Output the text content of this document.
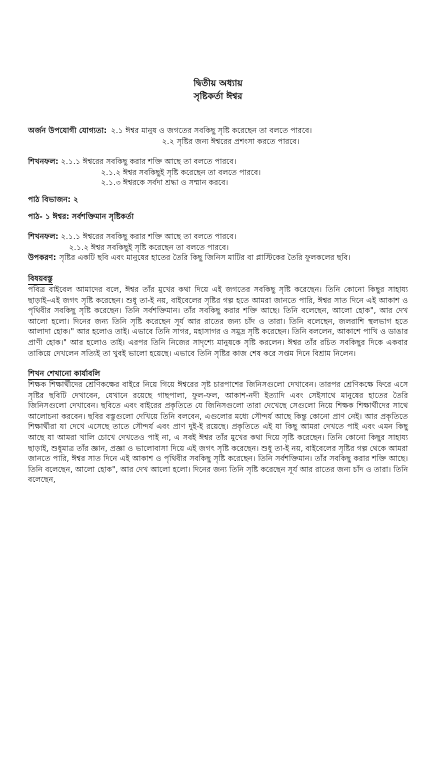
দ্বিতীয় অধ্যায়
সৃষ্টিকর্তা ঈশ্বর
অর্জন উপযোগী যোগ্যতা: ২.১ ঈশ্বর মানুষ ও জগতের সবকিছু সৃষ্টি করেছেন তা বলতে পারবে।
২.২ সৃষ্টির জন্য ঈশ্বরের প্রশংসা করতে পারবে।
শিখনফল: ২.১.১ ঈশ্বরের সবকিছু করার শক্তি আছে তা বলতে পারবে।
২.১.২ ঈশ্বর সবকিছুই সৃষ্টি করেছেন তা বলতে পারবে।
২.১.৩ ঈশ্বরকে সর্বদা শ্রদ্ধা ও সম্মান করবে।
পাঠ বিভাজন: ২
পাঠ- ১ ঈশ্বর: সর্বশক্তিমান সৃষ্টিকর্তা
শিখনফল: ২.১.১ ঈশ্বরের সবকিছু করার শক্তি আছে তা বলতে পারবে।
২.১.২ ঈশ্বর সবকিছুই সৃষ্টি করেছেন তা বলতে পারবে।
উপকরণ: সৃষ্টির একটি ছবি এবং মানুষের হাতের তৈরি কিছু জিনিস মাটির বা প্লাস্টিকের তৈরি ফুলকলের ছবি।
বিষয়বস্তু
পবিত্র বাইবেল আমাদের বলে, ঈশ্বর তাঁর মুখের কথা দিয়ে এই জগতের সবকিছু সৃষ্টি করেছেন। তিনি কোনো কিছুর সাহায্য ছাড়াই–এই জগৎ সৃষ্টি করেছেন। শুধু তা-ই নয়, বাইবেলের সৃষ্টির গল্প হতে আমরা জানতে পারি, ঈশ্বর সাত দিনে এই আকাশ ও পৃথিবীর সবকিছু সৃষ্টি করেছেন। তিনি সর্বশক্তিমান। তাঁর সবকিছু করার শক্তি আছে। তিনি বলেছেন, আলো হোক", আর দেখ আলো হলো। দিনের জন্য তিনি সৃষ্টি করেছেন সূর্য আর রাতের জন্য চাঁদ ও তারা। তিনি বলেছেন, জলরাশি স্থলভাগ হতে আলাদা হোক।" আর হলোও তাই। এভাবে তিনি সাগর, মহাসাগর ও সমুদ্র সৃষ্টি করেছেন। তিনি বললেন, আকাশে পাখি ও ডাঙার প্রাণী হোক।" আর হলোও তাই। এরপর তিনি নিজের সাদৃশ্যে মানুষকে সৃষ্টি করলেন। ঈশ্বর তাঁর রচিত সবকিছুর দিকে একবার তাকিয়ে দেখলেন সত্যিই তা খুবই ভালো হয়েছে। এভাবে তিনি সৃষ্টির কাজ শেষ করে সপ্তম দিনে বিশ্রাম নিলেন।
শিখন শেখানো কার্যাবলি
শিক্ষক শিক্ষার্থীদের শ্রেণিকক্ষের বাইরে নিয়ে গিয়ে ঈশ্বরের সৃষ্ট চারপাশের জিনিসগুলো দেখাবেন। তারপর শ্রেণিকক্ষে ফিরে এসে সৃষ্টির ছবিটি দেখাবেন, যেখানে রয়েছে গাছপালা, ফুল-ফল, আকাশ-নদী ইত্যাদি এবং সেইসাথে মানুষের হাতের তৈরি জিনিসগুলো দেখাবেন। ছবিতে এবং বাইরের প্রকৃতিতে যে জিনিসগুলো তারা দেখেছে সেগুলো নিয়ে শিক্ষক শিক্ষার্থীদের সাথে আলোচনা করবেন। ছবির বস্তুগুলো দেখিয়ে তিনি বলবেন, এগুলোর মধ্যে সৌন্দর্য আছে কিন্তু কোনো প্রাণ নেই। আর প্রকৃতিতে শিক্ষার্থীরা যা দেখে এসেছে তাতে সৌন্দর্য এবং প্রাণ দুই-ই রয়েছে। প্রকৃতিতে এই যা কিছু আমরা দেখতে পাই এবং এমন কিছু আছে যা আমরা খালি চোখে দেখতেও পাই না, এ সবই ঈশ্বর তাঁর মুখের কথা দিয়ে সৃষ্টি করেছেন। তিনি কোনো কিছুর সাহায্য ছাড়াই, শুধুমাত্র তাঁর জ্ঞান, প্রজ্ঞা ও ভালোবাসা দিয়ে এই জগৎ সৃষ্টি করেছেন। শুধু তা-ই নয়, বাইবেলের সৃষ্টির গল্প থেকে আমরা জানতে পারি, ঈশ্বর সাত দিনে এই আকাশ ও পৃথিবীর সবকিছু সৃষ্টি করেছেন। তিনি সর্বশক্তিমান। তাঁর সবকিছু করার শক্তি আছে। তিনি বলেছেন, আলো হোক", আর দেখ আলো হলো। দিনের জন্য তিনি সৃষ্টি করেছেন সূর্য আর রাতের জন্য চাঁদ ও তারা। তিনি বলেছেন,
